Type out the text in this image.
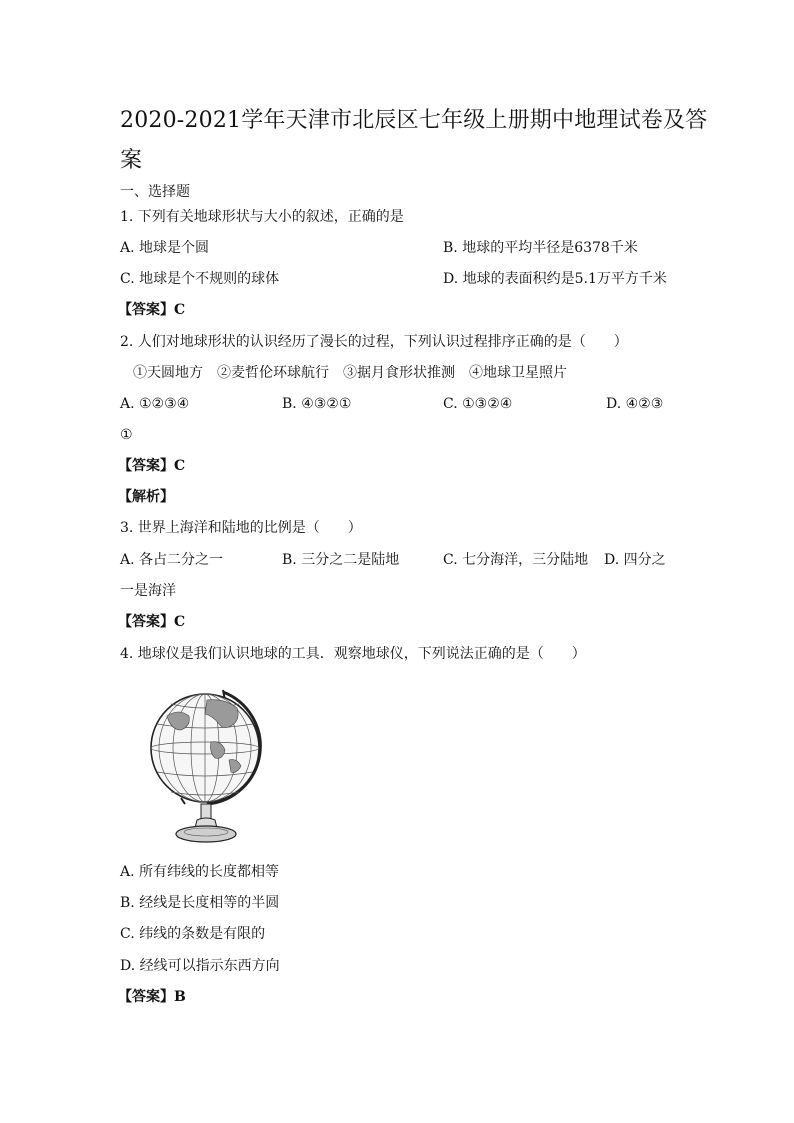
2020-2021学年天津市北辰区七年级上册期中地理试卷及答
案
一、选择题
1. 下列有关地球形状与大小的叙述，正确的是
A. 地球是个圆	B. 地球的平均半径是6378千米
C. 地球是个不规则的球体	D. 地球的表面积约是5.1万平方千米
【答案】C
2. 人们对地球形状的认识经历了漫长的过程，下列认识过程排序正确的是（　　）
①天圆地方　②麦哲伦环球航行　③据月食形状推测　④地球卫星照片
A. ①②③④	B. ④③②①	C. ①③②④	D. ④②③
①
【答案】C
【解析】
3. 世界上海洋和陆地的比例是（　　）
A. 各占二分之一	B. 三分之二是陆地	C. 七分海洋，三分陆地 D. 四分之
一是海洋
【答案】C
4. 地球仪是我们认识地球的工具．观察地球仪，下列说法正确的是（　　）
A. 所有纬线的长度都相等
B. 经线是长度相等的半圆
C. 纬线的条数是有限的
D. 经线可以指示东西方向
【答案】B
